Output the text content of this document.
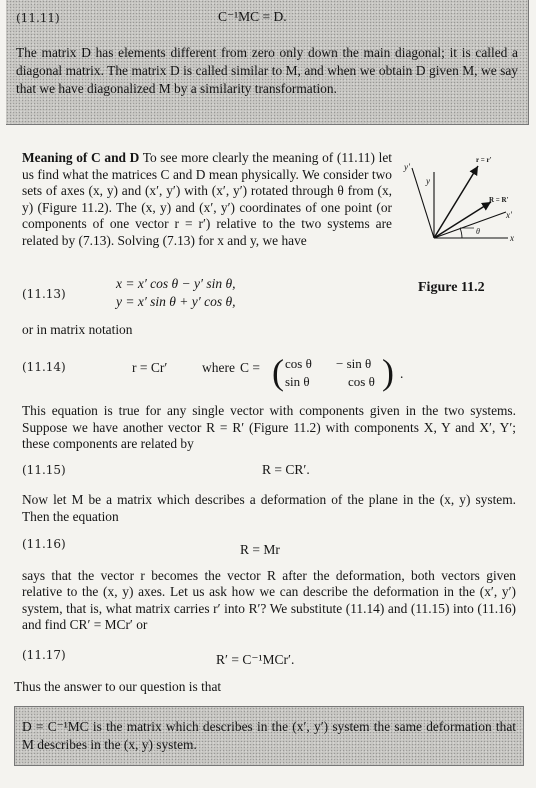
(11.11)	C⁻¹MC = D.
The matrix D has elements different from zero only down the main diagonal; it is called a diagonal matrix. The matrix D is called similar to M, and when we obtain D given M, we say that we have diagonalized M by a similarity transformation.
Meaning of C and D To see more clearly the meaning of (11.11) let us find what the matrices C and D mean physically. We consider two sets of axes (x, y) and (x′, y′) with (x′, y′) rotated through θ from (x, y) (Figure 11.2). The (x, y) and (x′, y′) coordinates of one point (or components of one vector r = r′) relative to the two systems are related by (7.13). Solving (7.13) for x and y, we have
r = r′
R = R′
y′
y
x′
x
θ
Figure 11.2
(11.13)
x = x′ cos θ − y′ sin θ,
y = x′ sin θ + y′ cos θ,
or in matrix notation
(11.14)	r = Cr′	where C = ( cos θ − sin θ
sin θ	cos θ ) .
This equation is true for any single vector with components given in the two systems. Suppose we have another vector R = R′ (Figure 11.2) with components X, Y and X′, Y′; these components are related by
(11.15)	R = CR′.
Now let M be a matrix which describes a deformation of the plane in the (x, y) system. Then the equation
(11.16)	R = Mr
says that the vector r becomes the vector R after the deformation, both vectors given relative to the (x, y) axes. Let us ask how we can describe the deformation in the (x′, y′) system, that is, what matrix carries r′ into R′? We substitute (11.14) and (11.15) into (11.16) and find CR′ = MCr′ or
(11.17)	R′ = C⁻¹MCr′.
Thus the answer to our question is that
D = C⁻¹MC is the matrix which describes in the (x′, y′) system the same deformation that M describes in the (x, y) system.
